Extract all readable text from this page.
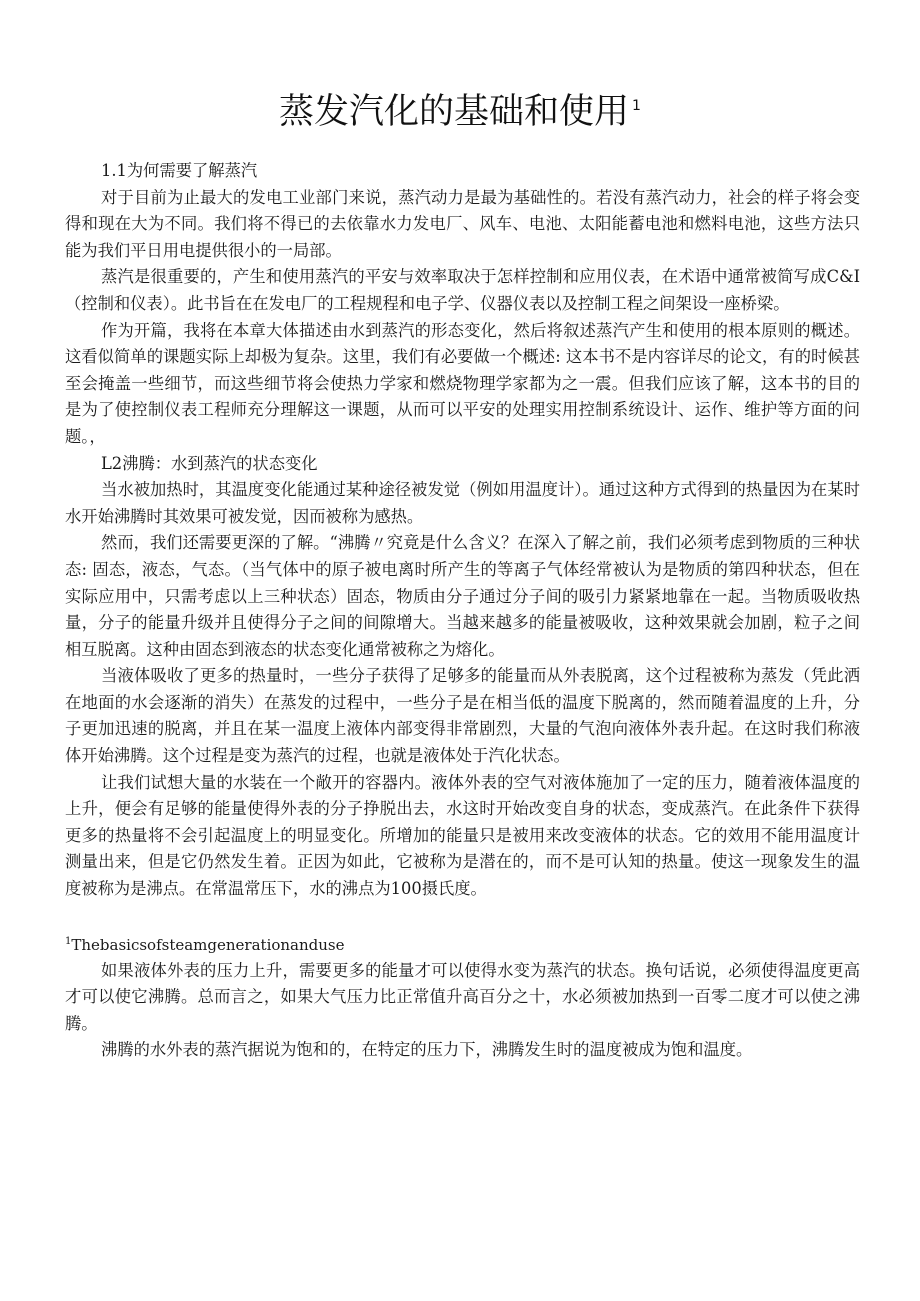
蒸发汽化的基础和使用 $^1$

1.1为何需要了解蒸汽

对于目前为止最大的发电工业部门来说，蒸汽动力是最为基础性的。若没有蒸汽动力，社会的样子将会变得和现在大为不同。我们将不得已的去依靠水力发电厂、风车、电池、太阳能蓄电池和燃料电池，这些方法只能为我们平日用电提供很小的一局部。

蒸汽是很重要的，产生和使用蒸汽的平安与效率取决于怎样控制和应用仪表，在术语中通常被简写成C&I（控制和仪表）。此书旨在在发电厂的工程规程和电子学、仪器仪表以及控制工程之间架设一座桥梁。

作为开篇，我将在本章大体描述由水到蒸汽的形态变化，然后将叙述蒸汽产生和使用的根本原则的概述。这看似简单的课题实际上却极为复杂。这里，我们有必要做一个概述: 这本书不是内容详尽的论文，有的时候甚至会掩盖一些细节，而这些细节将会使热力学家和燃烧物理学家都为之一震。但我们应该了解，这本书的目的是为了使控制仪表工程师充分理解这一课题，从而可以平安的处理实用控制系统设计、运作、维护等方面的问题。，

L2沸腾：水到蒸汽的状态变化

当水被加热时，其温度变化能通过某种途径被发觉（例如用温度计）。通过这种方式得到的热量因为在某时水开始沸腾时其效果可被发觉，因而被称为感热。

然而，我们还需要更深的了解。“沸腾〃究竟是什么含义？在深入了解之前，我们必须考虑到物质的三种状态: 固态，液态，气态。（当气体中的原子被电离时所产生的等离子气体经常被认为是物质的第四种状态，但在实际应用中，只需考虑以上三种状态）固态，物质由分子通过分子间的吸引力紧紧地靠在一起。当物质吸收热量，分子的能量升级并且使得分子之间的间隙增大。当越来越多的能量被吸收，这种效果就会加剧，粒子之间相互脱离。这种由固态到液态的状态变化通常被称之为熔化。

当液体吸收了更多的热量时，一些分子获得了足够多的能量而从外表脱离，这个过程被称为蒸发（凭此洒在地面的水会逐渐的消失）在蒸发的过程中，一些分子是在相当低的温度下脱离的，然而随着温度的上升，分子更加迅速的脱离，并且在某一温度上液体内部变得非常剧烈，大量的气泡向液体外表升起。在这时我们称液体开始沸腾。这个过程是变为蒸汽的过程，也就是液体处于汽化状态。

让我们试想大量的水装在一个敞开的容器内。液体外表的空气对液体施加了一定的压力，随着液体温度的上升，便会有足够的能量使得外表的分子挣脱出去，水这时开始改变自身的状态，变成蒸汽。在此条件下获得更多的热量将不会引起温度上的明显变化。所增加的能量只是被用来改变液体的状态。它的效用不能用温度计测量出来，但是它仍然发生着。正因为如此，它被称为是潜在的，而不是可认知的热量。使这一现象发生的温度被称为是沸点。在常温常压下，水的沸点为100摄氏度。

$^1$Thebasicsofsteamgenerationanduse

如果液体外表的压力上升，需要更多的能量才可以使得水变为蒸汽的状态。换句话说，必须使得温度更高才可以使它沸腾。总而言之，如果大气压力比正常值升高百分之十，水必须被加热到一百零二度才可以使之沸腾。

沸腾的水外表的蒸汽据说为饱和的，在特定的压力下，沸腾发生时的温度被成为饱和温度。
